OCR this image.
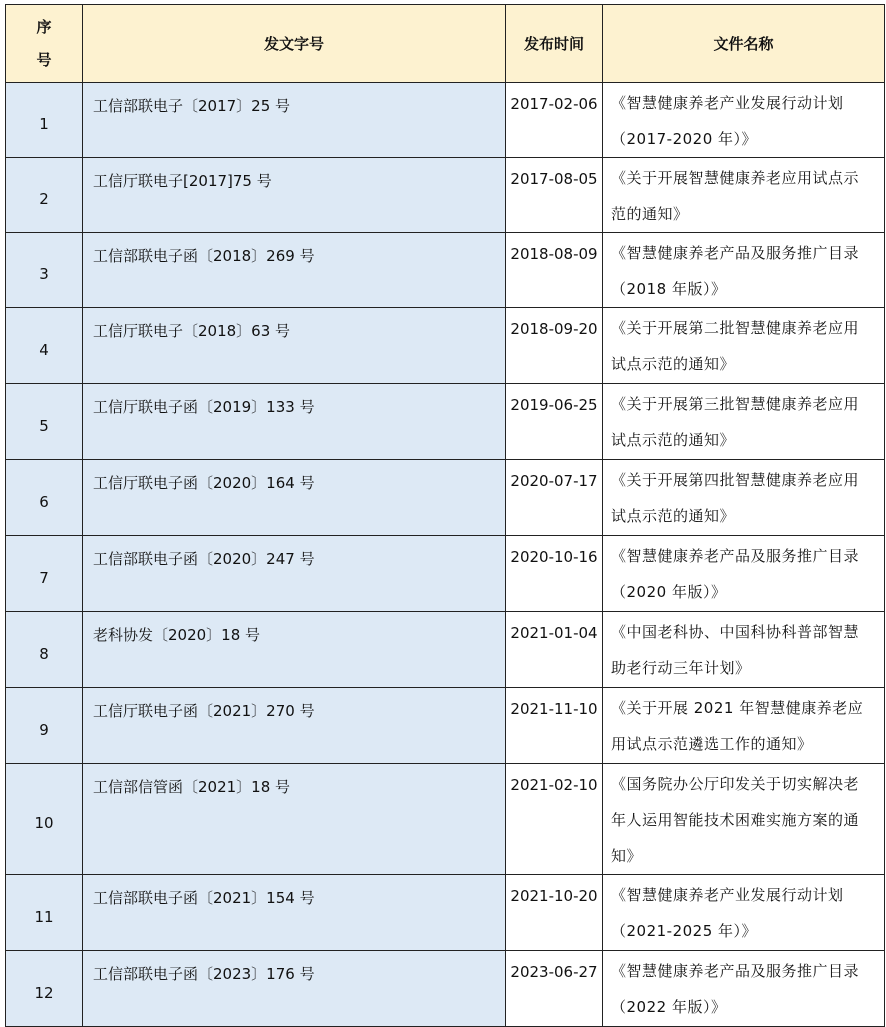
序
号	发文字号	发布时间	文件名称
1	工信部联电子〔2017〕25 号	2017-02-06	《智慧健康养老产业发展行动计划（2017-2020 年）》

2	工信厅联电子[2017]75 号	2017-08-05	《关于开展智慧健康养老应用试点示范的通知》

3	工信部联电子函〔2018〕269 号	2018-08-09	《智慧健康养老产品及服务推广目录（2018 年版）》

4	工信厅联电子〔2018〕63 号	2018-09-20	《关于开展第二批智慧健康养老应用试点示范的通知》

5	工信厅联电子函〔2019〕133 号	2019-06-25	《关于开展第三批智慧健康养老应用试点示范的通知》

6	工信厅联电子函〔2020〕164 号	2020-07-17	《关于开展第四批智慧健康养老应用试点示范的通知》

7	工信部联电子函〔2020〕247 号	2020-10-16	《智慧健康养老产品及服务推广目录（2020 年版）》

8	老科协发〔2020〕18 号	2021-01-04	《中国老科协、中国科协科普部智慧助老行动三年计划》

9	工信厅联电子函〔2021〕270 号	2021-11-10	《关于开展 2021 年智慧健康养老应用试点示范遴选工作的通知》

10	工信部信管函〔2021〕18 号	2021-02-10	《国务院办公厅印发关于切实解决老年人运用智能技术困难实施方案的通知》

11	工信部联电子函〔2021〕154 号	2021-10-20	《智慧健康养老产业发展行动计划（2021-2025 年）》

12	工信部联电子函〔2023〕176 号	2023-06-27	《智慧健康养老产品及服务推广目录（2022 年版）》
